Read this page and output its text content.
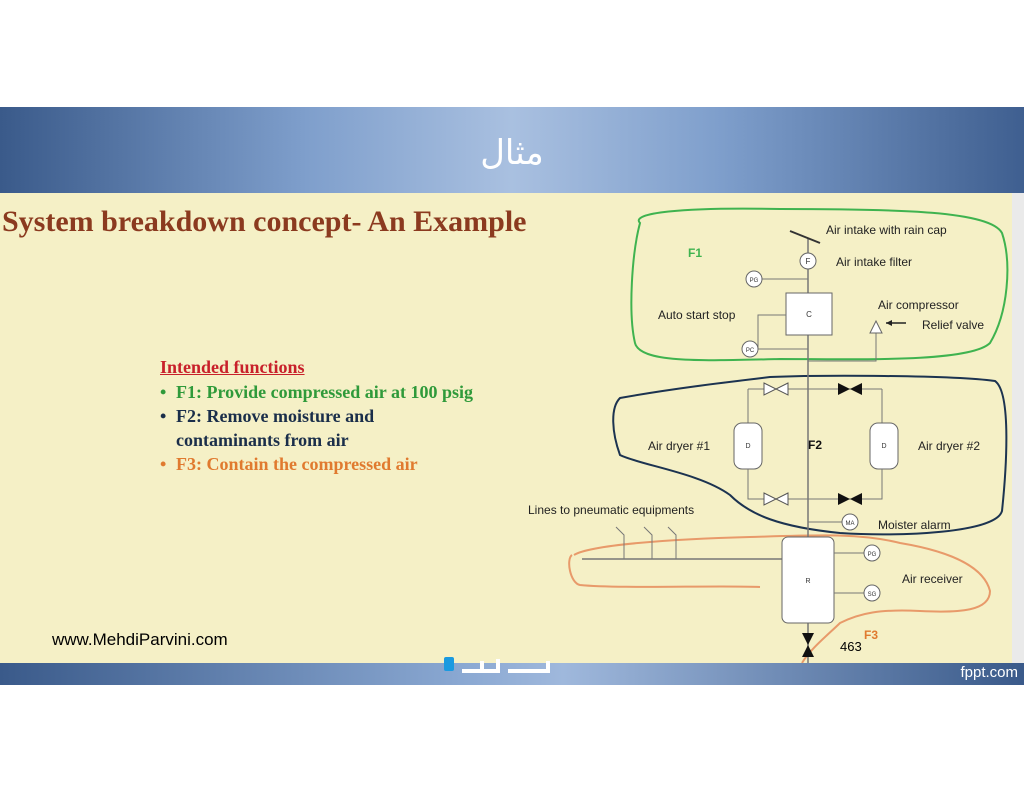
مثال
System breakdown concept- An Example
Intended functions
• F1: Provide compressed air at 100 psig
• F2: Remove moisture and
contaminants from air
• F3: Contain the compressed air
F
PG
C
PC
D	D
MA
R
PG
SG
F1
F2
F3
Air intake with rain cap
Air intake filter
Air compressor
Relief valve
Auto start stop
Air dryer #1	Air dryer #2
Lines to pneumatic equipments
Moister alarm
Air receiver
www.MehdiParvini.com	463
fppt.com
